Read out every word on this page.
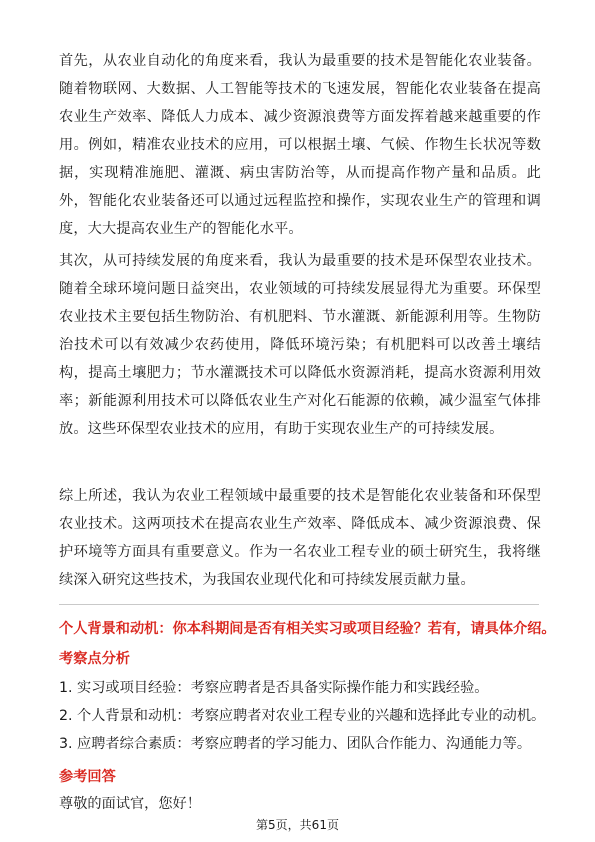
首先，从农业自动化的角度来看，我认为最重要的技术是智能化农业装备。随着物联网、大数据、人工智能等技术的飞速发展，智能化农业装备在提高农业生产效率、降低人力成本、减少资源浪费等方面发挥着越来越重要的作用。例如，精准农业技术的应用，可以根据土壤、气候、作物生长状况等数据，实现精准施肥、灌溉、病虫害防治等，从而提高作物产量和品质。此外，智能化农业装备还可以通过远程监控和操作，实现农业生产的管理和调度，大大提高农业生产的智能化水平。

其次，从可持续发展的角度来看，我认为最重要的技术是环保型农业技术。随着全球环境问题日益突出，农业领域的可持续发展显得尤为重要。环保型农业技术主要包括生物防治、有机肥料、节水灌溉、新能源利用等。生物防治技术可以有效减少农药使用，降低环境污染；有机肥料可以改善土壤结构，提高土壤肥力；节水灌溉技术可以降低水资源消耗，提高水资源利用效率；新能源利用技术可以降低农业生产对化石能源的依赖，减少温室气体排放。这些环保型农业技术的应用，有助于实现农业生产的可持续发展。

综上所述，我认为农业工程领域中最重要的技术是智能化农业装备和环保型农业技术。这两项技术在提高农业生产效率、降低成本、减少资源浪费、保护环境等方面具有重要意义。作为一名农业工程专业的硕士研究生，我将继续深入研究这些技术，为我国农业现代化和可持续发展贡献力量。

个人背景和动机：你本科期间是否有相关实习或项目经验？若有，请具体介绍。

考察点分析

1. 实习或项目经验：考察应聘者是否具备实际操作能力和实践经验。
2. 个人背景和动机：考察应聘者对农业工程专业的兴趣和选择此专业的动机。
3. 应聘者综合素质：考察应聘者的学习能力、团队合作能力、沟通能力等。

参考回答

尊敬的面试官，您好！

第5页，共61页
